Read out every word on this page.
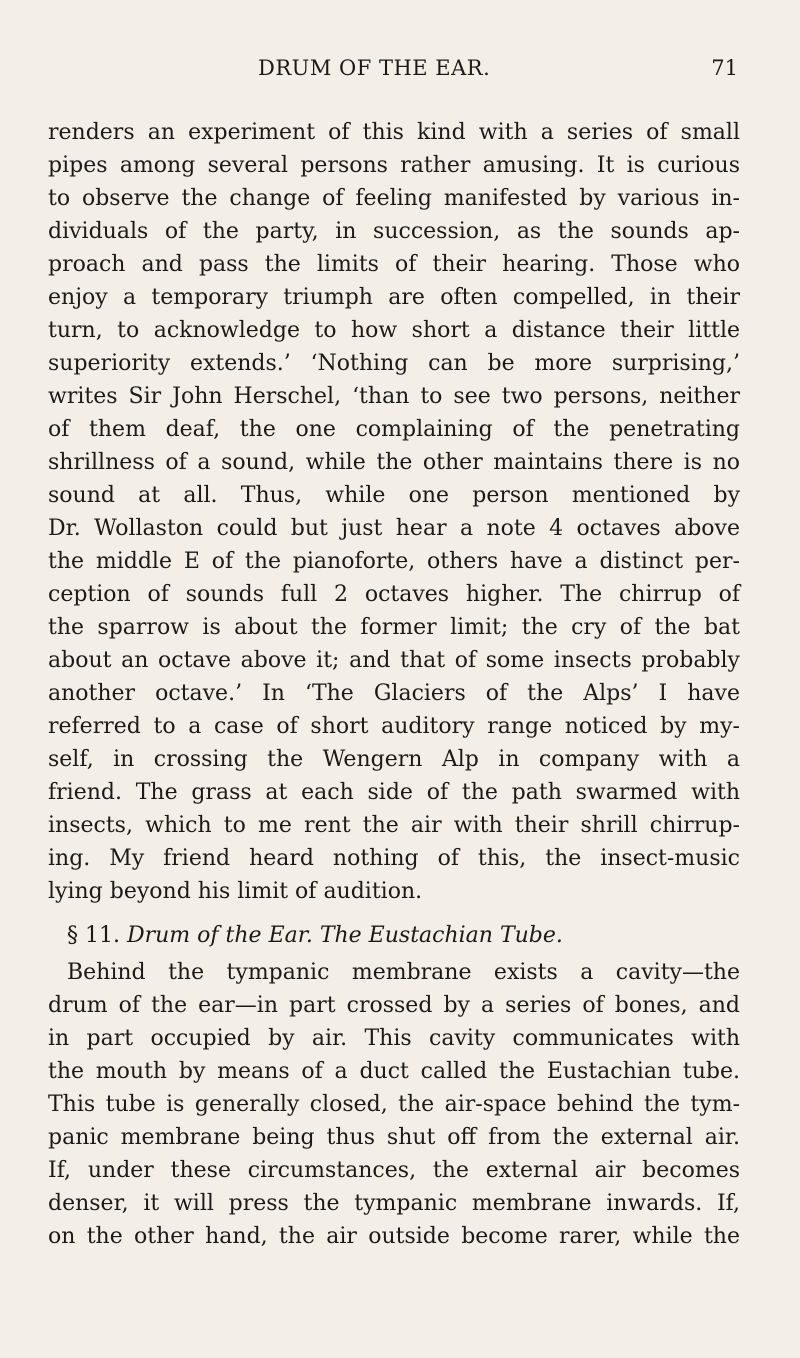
DRUM OF THE EAR.	71
renders an experiment of this kind with a series of small
pipes among several persons rather amusing. It is curious
to observe the change of feeling manifested by various in-
dividuals of the party, in succession, as the sounds ap-
proach and pass the limits of their hearing. Those who
enjoy a temporary triumph are often compelled, in their
turn, to acknowledge to how short a distance their little
superiority extends.’ ‘Nothing can be more surprising,’
writes Sir John Herschel, ‘than to see two persons, neither
of them deaf, the one complaining of the penetrating
shrillness of a sound, while the other maintains there is no
sound at all. Thus, while one person mentioned by
Dr. Wollaston could but just hear a note 4 octaves above
the middle E of the pianoforte, others have a distinct per-
ception of sounds full 2 octaves higher. The chirrup of
the sparrow is about the former limit; the cry of the bat
about an octave above it; and that of some insects probably
another octave.’ In ‘The Glaciers of the Alps’ I have
referred to a case of short auditory range noticed by my-
self, in crossing the Wengern Alp in company with a
friend. The grass at each side of the path swarmed with
insects, which to me rent the air with their shrill chirrup-
ing. My friend heard nothing of this, the insect-music
lying beyond his limit of audition.
§ 11. Drum of the Ear. The Eustachian Tube.
Behind the tympanic membrane exists a cavity—the
drum of the ear—in part crossed by a series of bones, and
in part occupied by air. This cavity communicates with
the mouth by means of a duct called the Eustachian tube.
This tube is generally closed, the air-space behind the tym-
panic membrane being thus shut off from the external air.
If, under these circumstances, the external air becomes
denser, it will press the tympanic membrane inwards. If,
on the other hand, the air outside become rarer, while the
